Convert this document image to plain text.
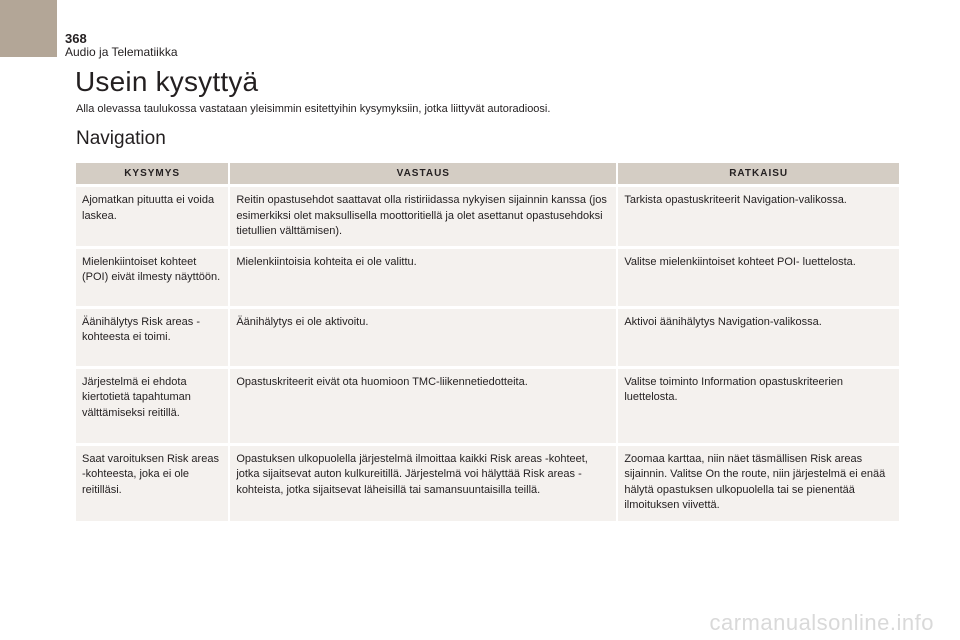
368
Audio ja Telematiikka
Usein kysyttyä

Alla olevassa taulukossa vastataan yleisimmin esitettyihin kysymyksiin, jotka liittyvät autoradioosi.

Navigation
KYSYMYS	VASTAUS	RATKAISU
Ajomatkan pituutta ei voida laskea.	Reitin opastusehdot saattavat olla ristiriidassa nykyisen sijainnin kanssa (jos esimerkiksi olet maksullisella moottoritiellä ja olet asettanut opastusehdoksi tietullien välttämisen).	Tarkista opastuskriteerit Navigation-valikossa.
Mielenkiintoiset kohteet (POI) eivät ilmesty näyttöön.	Mielenkiintoisia kohteita ei ole valittu.	Valitse mielenkiintoiset kohteet POI- luettelosta.
Äänihälytys Risk areas -kohteesta ei toimi.	Äänihälytys ei ole aktivoitu.	Aktivoi äänihälytys Navigation-valikossa.
Järjestelmä ei ehdota kiertotietä tapahtuman välttämiseksi reitillä.	Opastuskriteerit eivät ota huomioon TMC-liikennetiedotteita.	Valitse toiminto Information opastuskriteerien luettelosta.
Saat varoituksen Risk areas -kohteesta, joka ei ole reitilläsi.	Opastuksen ulkopuolella järjestelmä ilmoittaa kaikki Risk areas -kohteet, jotka sijaitsevat auton kulkureitillä. Järjestelmä voi hälyttää Risk areas -kohteista, jotka sijaitsevat läheisillä tai samansuuntaisilla teillä.	Zoomaa karttaa, niin näet täsmällisen Risk areas sijainnin. Valitse On the route, niin järjestelmä ei enää hälytä opastuksen ulkopuolella tai se pienentää ilmoituksen viivettä.
carmanualsonline.info
